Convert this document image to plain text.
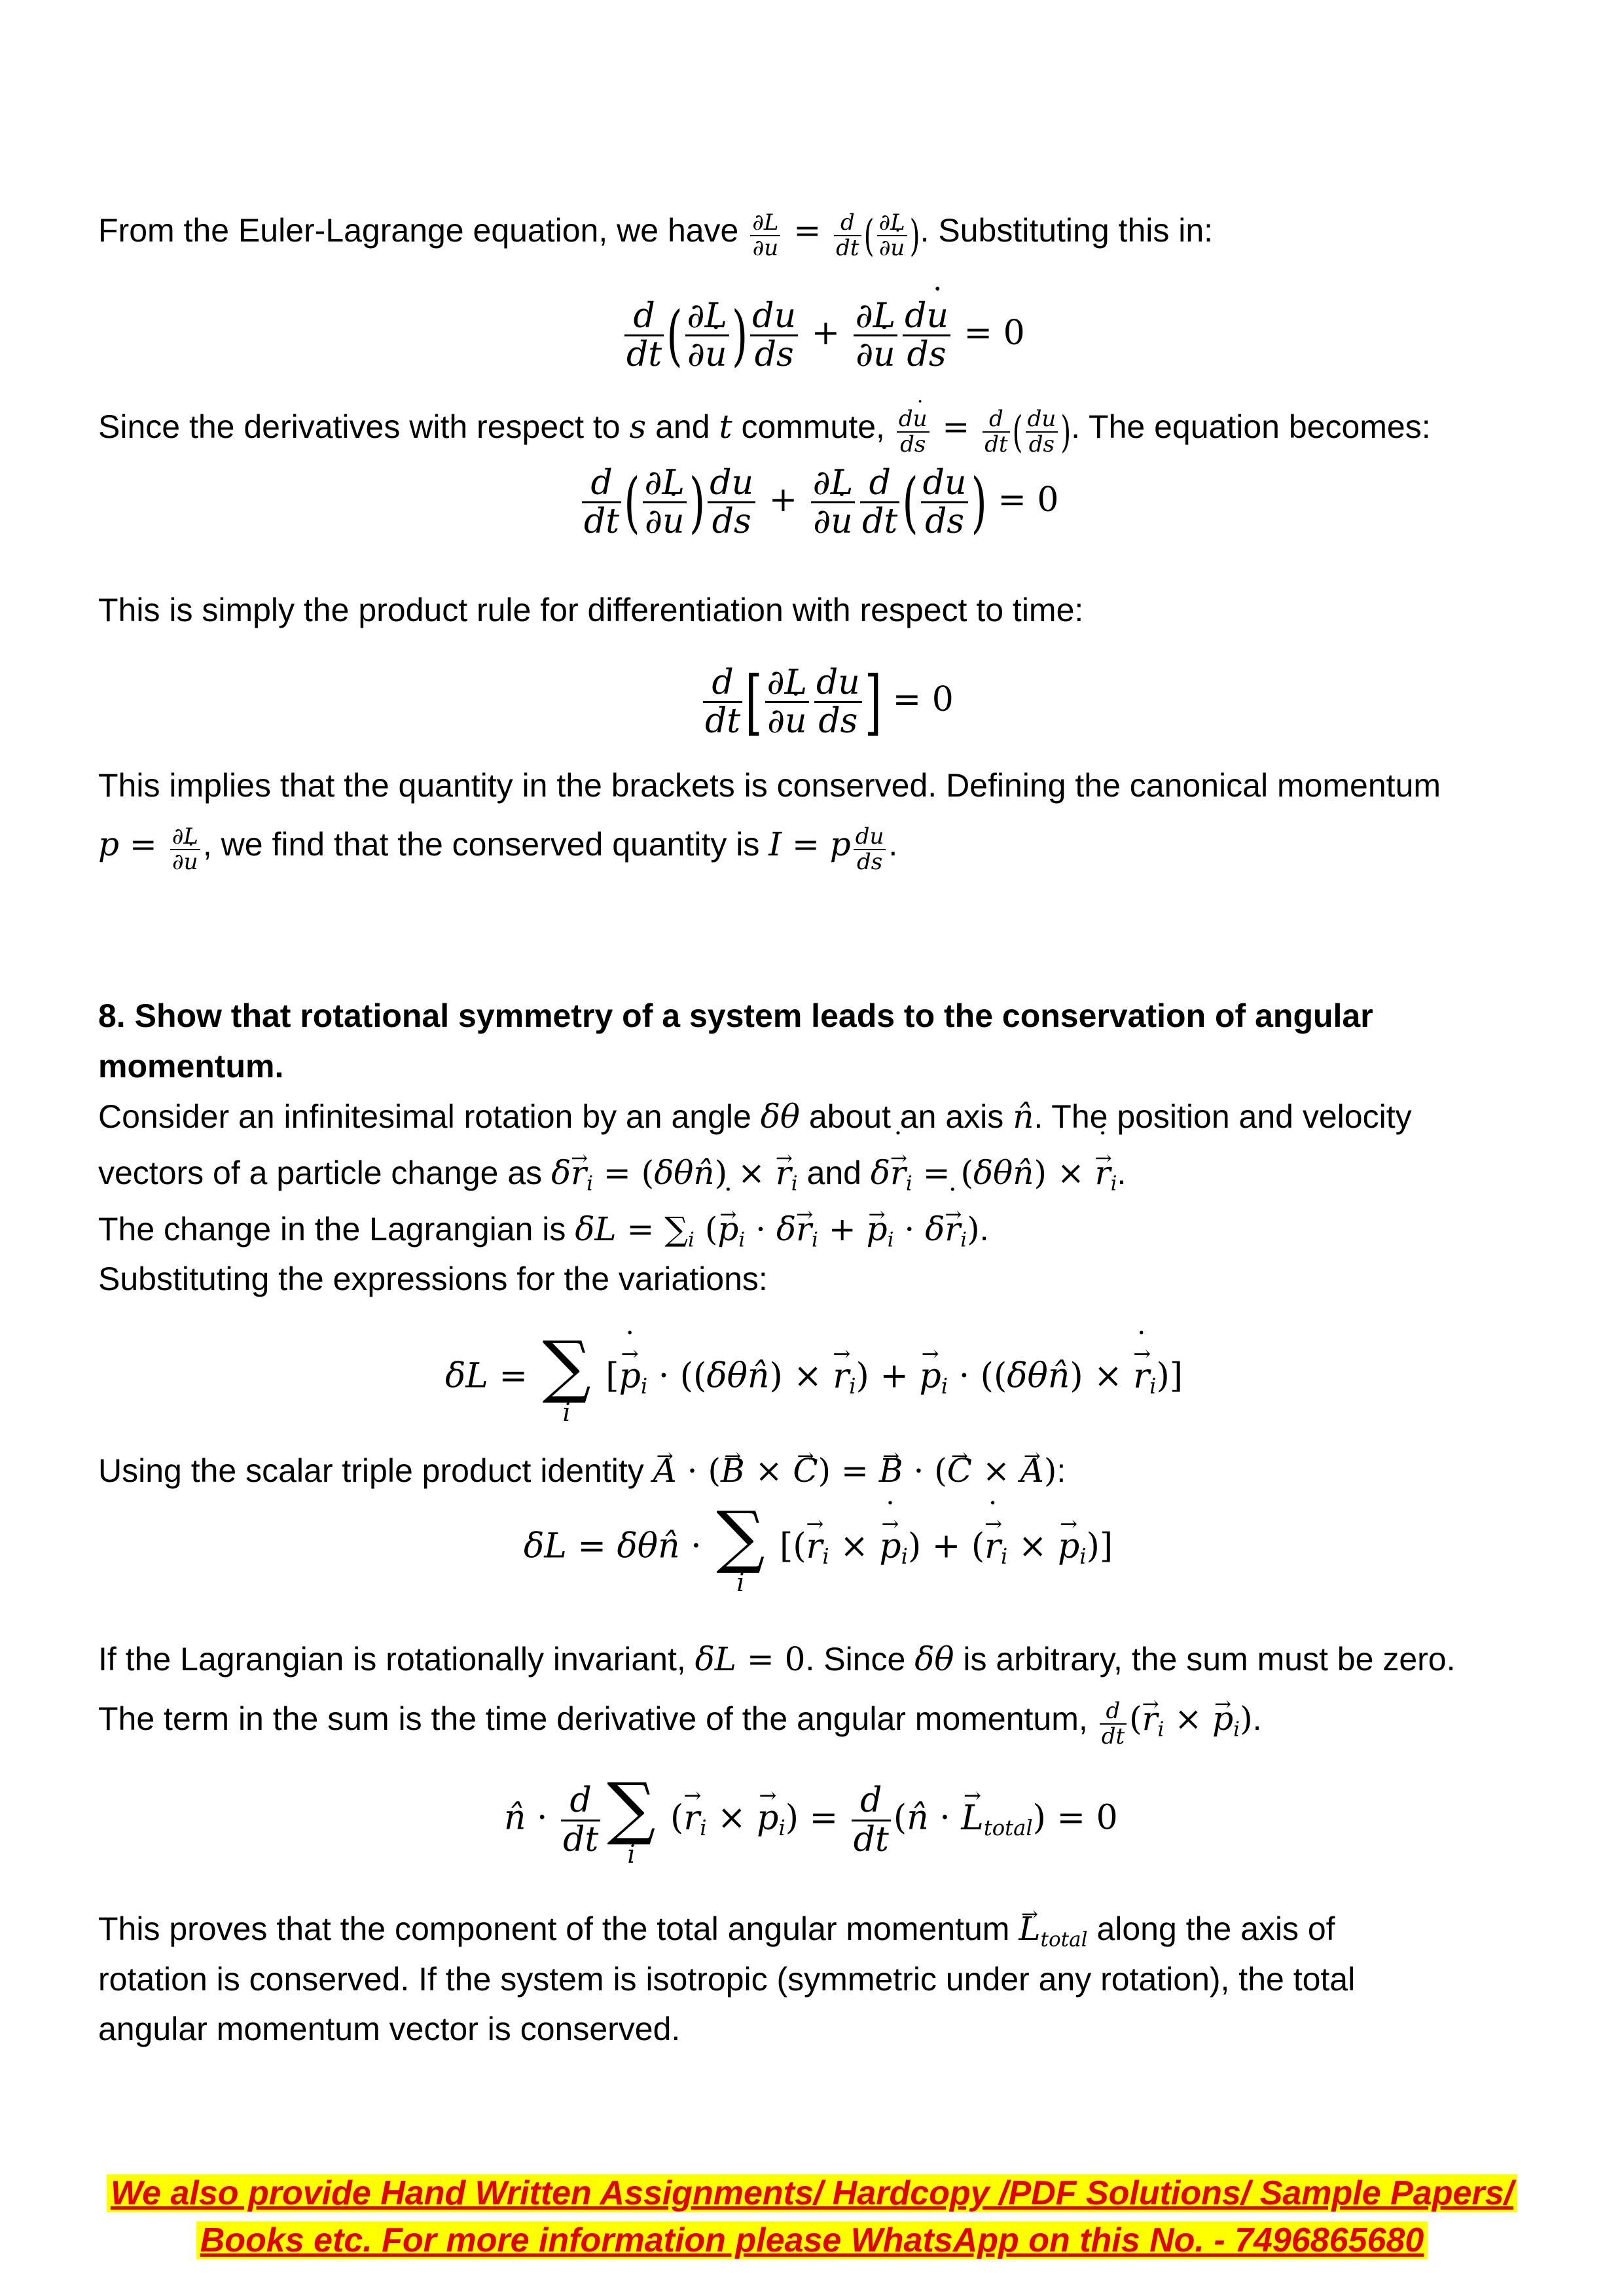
From the Euler-Lagrange equation, we have $\frac{\partial L}{\partial u} = \frac{d}{dt}$ ( $\frac{\partial L}{\partial u}$ ˙ ). Substituting this in:
$\frac{d}{dt}$ ( $\frac{\partial L}{\partial u}$ ˙ ) $\frac{du}{ds} + \frac{\partial L}{\partial u}$ ˙ $\frac{du ˙}{ds} = 0$
Since the derivatives with respect to s and t commute, $\frac{du ˙}{ds} = \frac{d}{dt}$ ( $\frac{du}{ds}$ ). The equation becomes:
$\frac{d}{dt}$ ( $\frac{\partial L}{\partial u}$ ˙ ) $\frac{du}{ds} + \frac{\partial L}{\partial u}$ ˙ $\frac{d}{dt}$ ( $\frac{du}{ds}$ ) = 0
This is simply the product rule for differentiation with respect to time:
$\frac{d}{dt}$ [ $\frac{\partial L}{\partial u}$ ˙ $\frac{du}{ds}$ ] = 0
This implies that the quantity in the brackets is conserved. Defining the canonical momentum
$p = \frac{\partial L}{\partial u}$ ˙ , we find that the conserved quantity is I = p $\frac{du}{ds}$ .
8. Show that rotational symmetry of a system leads to the conservation of angular
momentum.
Consider an infinitesimal rotation by an angle δθ about an axis n̂. The position and velocity
vectors of a particle change as $\delta\to r_i$ = (δθn̂) × → $r_i$ and δ→ r $˙_i$ = (δθn̂) × → r $˙_i$.
The change in the Lagrangian is $\delta L = \sum_i$ (→ p $˙_i \cdot \delta\to r_i$ + → $p_i \cdot \delta\to r$ $˙_i$).
Substituting the expressions for the variations:
δL = ∑
i
[→ p $˙_i$ · ((δθn̂) × → $r_i$) + → $p_i$ · ((δθn̂) × → r $˙_i$)]
Using the scalar triple product identity → A · (→ B × → C) = → B · (→ C × → A):
δL = δθn̂ · ∑
i
[(→ $r_i$ × → p $˙_i$) + (→ r $˙_i$ × → $p_i$)]
If the Lagrangian is rotationally invariant, δL = 0. Since δθ is arbitrary, the sum must be zero.
The term in the sum is the time derivative of the angular momentum, $\frac{d}{dt}$ (→ $r_i$ × → $p_i$).
n̂ · $\frac{d}{dt}$ ∑
i
(→ $r_i$ × → $p_i) = \frac{d}{dt}$ (n̂ · → $L_{total}) = 0$
This proves that the component of the total angular momentum → $L_{total}$ along the axis of
rotation is conserved. If the system is isotropic (symmetric under any rotation), the total
angular momentum vector is conserved.
We also provide Hand Written Assignments/ Hardcopy /PDF Solutions/ Sample Papers/
Books etc. For more information please WhatsApp on this No. - 7496865680
